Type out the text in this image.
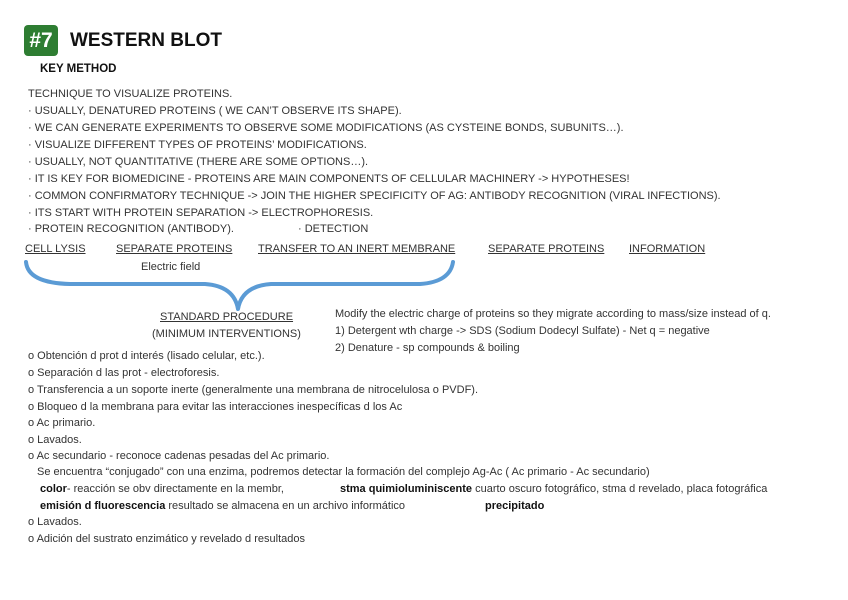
#7 WESTERN BLOT
KEY METHOD
TECHNIQUE TO VISUALIZE PROTEINS.
· USUALLY, DENATURED PROTEINS ( WE CAN’T OBSERVE ITS SHAPE).
· WE CAN GENERATE EXPERIMENTS TO OBSERVE SOME MODIFICATIONS (AS CYSTEINE BONDS, SUBUNITS…).
· VISUALIZE DIFFERENT TYPES OF PROTEINS’ MODIFICATIONS.
· USUALLY, NOT QUANTITATIVE (THERE ARE SOME OPTIONS…).
· IT IS KEY FOR BIOMEDICINE - PROTEINS ARE MAIN COMPONENTS OF CELLULAR MACHINERY -> HYPOTHESES!
· COMMON CONFIRMATORY TECHNIQUE -> JOIN THE HIGHER SPECIFICITY OF AG: ANTIBODY RECOGNITION (VIRAL INFECTIONS).
· ITS START WITH PROTEIN SEPARATION -> ELECTROPHORESIS.
· PROTEIN RECOGNITION (ANTIBODY).	· DETECTION
CELL LYSIS	SEPARATE PROTEINS TRANSFER TO AN INERT MEMBRANE	SEPARATE PROTEINS INFORMATION
Electric field
STANDARD PROCEDURE
(MINIMUM INTERVENTIONS)
Modify the electric charge of proteins so they migrate according to mass/size instead of q.
1) Detergent wth charge -> SDS (Sodium Dodecyl Sulfate) - Net q = negative
2) Denature - sp compounds & boiling
o Obtención d prot d interés (lisado celular, etc.).
o Separación d las prot - electroforesis.
o Transferencia a un soporte inerte (generalmente una membrana de nitrocelulosa o PVDF).
o Bloqueo d la membrana para evitar las interacciones inespecíficas d los Ac
o Ac primario.
o Lavados.
o Ac secundario - reconoce cadenas pesadas del Ac primario.
Se encuentra “conjugado” con una enzima, podremos detectar la formación del complejo Ag-Ac ( Ac primario - Ac secundario)
color- reacción se obv directamente en la membr,	stma quimioluminiscente cuarto oscuro fotográfico, stma d revelado, placa fotográfica
emisión d fluorescencia resultado se almacena en un archivo informático	precipitado
o Lavados.
o Adición del sustrato enzimático y revelado d resultados
